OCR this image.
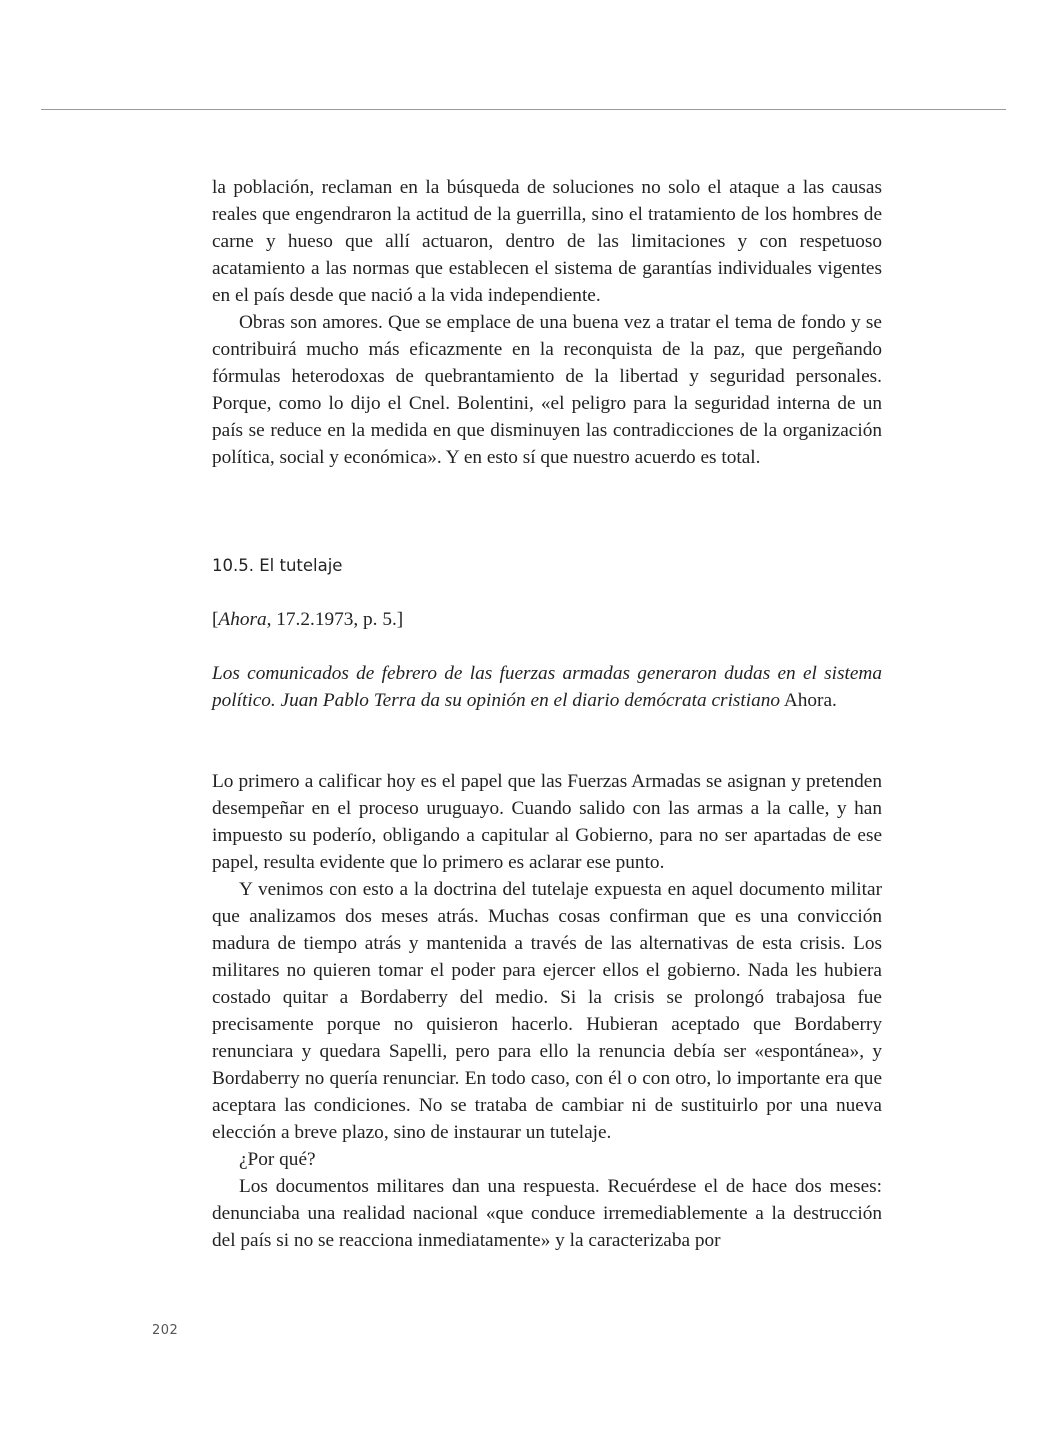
la población, reclaman en la búsqueda de soluciones no solo el ataque a las causas reales que engendraron la actitud de la guerrilla, sino el tratamiento de los hombres de carne y hueso que allí actuaron, dentro de las limitaciones y con respetuoso acatamiento a las normas que establecen el sistema de garantías individuales vigentes en el país desde que nació a la vida independiente.

Obras son amores. Que se emplace de una buena vez a tratar el tema de fondo y se contribuirá mucho más eficazmente en la reconquista de la paz, que pergeñando fórmulas heterodoxas de quebrantamiento de la libertad y seguridad personales. Porque, como lo dijo el Cnel. Bolentini, «el peligro para la seguridad interna de un país se reduce en la medida en que disminuyen las contradicciones de la organización política, social y económica». Y en esto sí que nuestro acuerdo es total.

10.5. El tutelaje
[Ahora, 17.2.1973, p. 5.]
Los comunicados de febrero de las fuerzas armadas generaron dudas en el sistema político. Juan Pablo Terra da su opinión en el diario demócrata cristiano Ahora.

Lo primero a calificar hoy es el papel que las Fuerzas Armadas se asignan y pretenden desempeñar en el proceso uruguayo. Cuando salido con las armas a la calle, y han impuesto su poderío, obligando a capitular al Gobierno, para no ser apartadas de ese papel, resulta evidente que lo primero es aclarar ese punto.

Y venimos con esto a la doctrina del tutelaje expuesta en aquel documento militar que analizamos dos meses atrás. Muchas cosas confirman que es una convicción madura de tiempo atrás y mantenida a través de las alternativas de esta crisis. Los militares no quieren tomar el poder para ejercer ellos el gobierno. Nada les hubiera costado quitar a Bordaberry del medio. Si la crisis se prolongó trabajosa fue precisamente porque no quisieron hacerlo. Hubieran aceptado que Bordaberry renunciara y quedara Sapelli, pero para ello la renuncia debía ser «espontánea», y Bordaberry no quería renunciar. En todo caso, con él o con otro, lo importante era que aceptara las condiciones. No se trataba de cambiar ni de sustituirlo por una nueva elección a breve plazo, sino de instaurar un tutelaje.

¿Por qué?

Los documentos militares dan una respuesta. Recuérdese el de hace dos meses: denunciaba una realidad nacional «que conduce irremediablemente a la destrucción del país si no se reacciona inmediatamente» y la caracterizaba por

202
